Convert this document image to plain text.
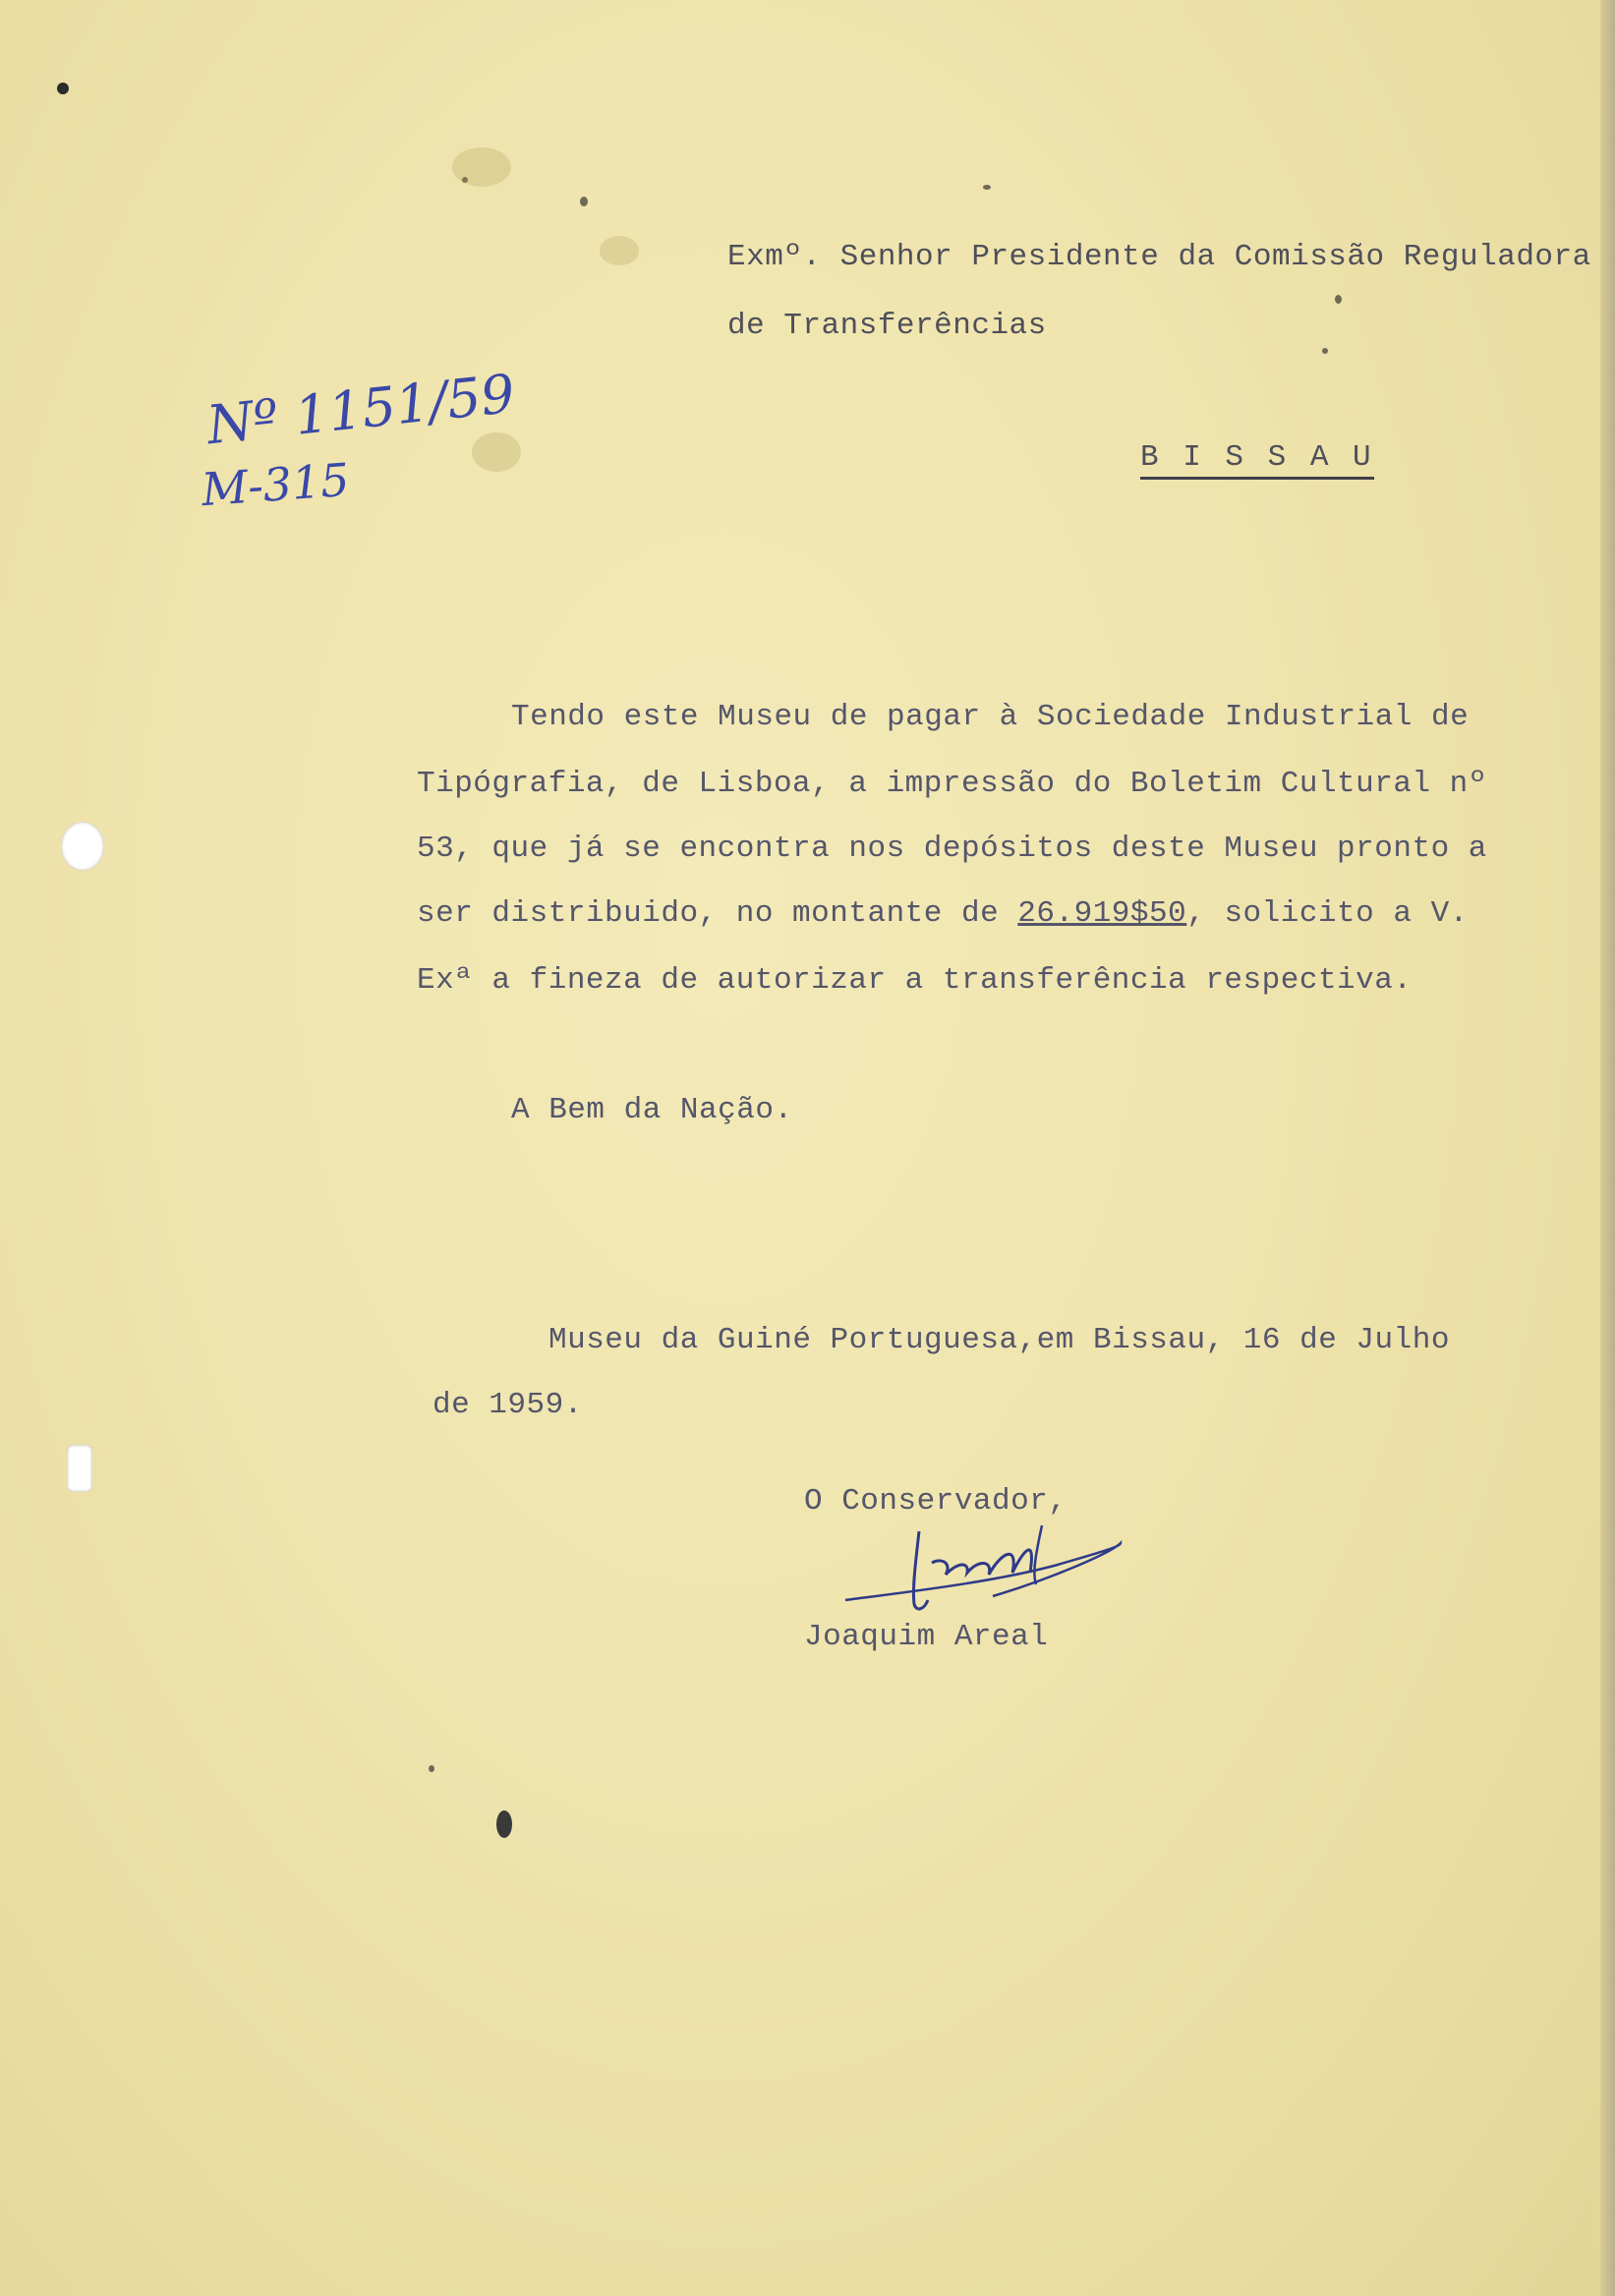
Exmº. Senhor Presidente da Comissão Reguladora
de Transferências
B I S S A U
Nº 1151/59
M-315
Tendo este Museu de pagar à Sociedade Industrial de
Tipógrafia, de Lisboa, a impressão do Boletim Cultural nº
53, que já se encontra nos depósitos deste Museu pronto a
ser distribuido, no montante de 26.919$50, solicito a V.
Exª a fineza de autorizar a transferência respectiva.
A Bem da Nação.
Museu da Guiné Portuguesa,em Bissau, 16 de Julho
de 1959.
O Conservador,
Joaquim Areal
